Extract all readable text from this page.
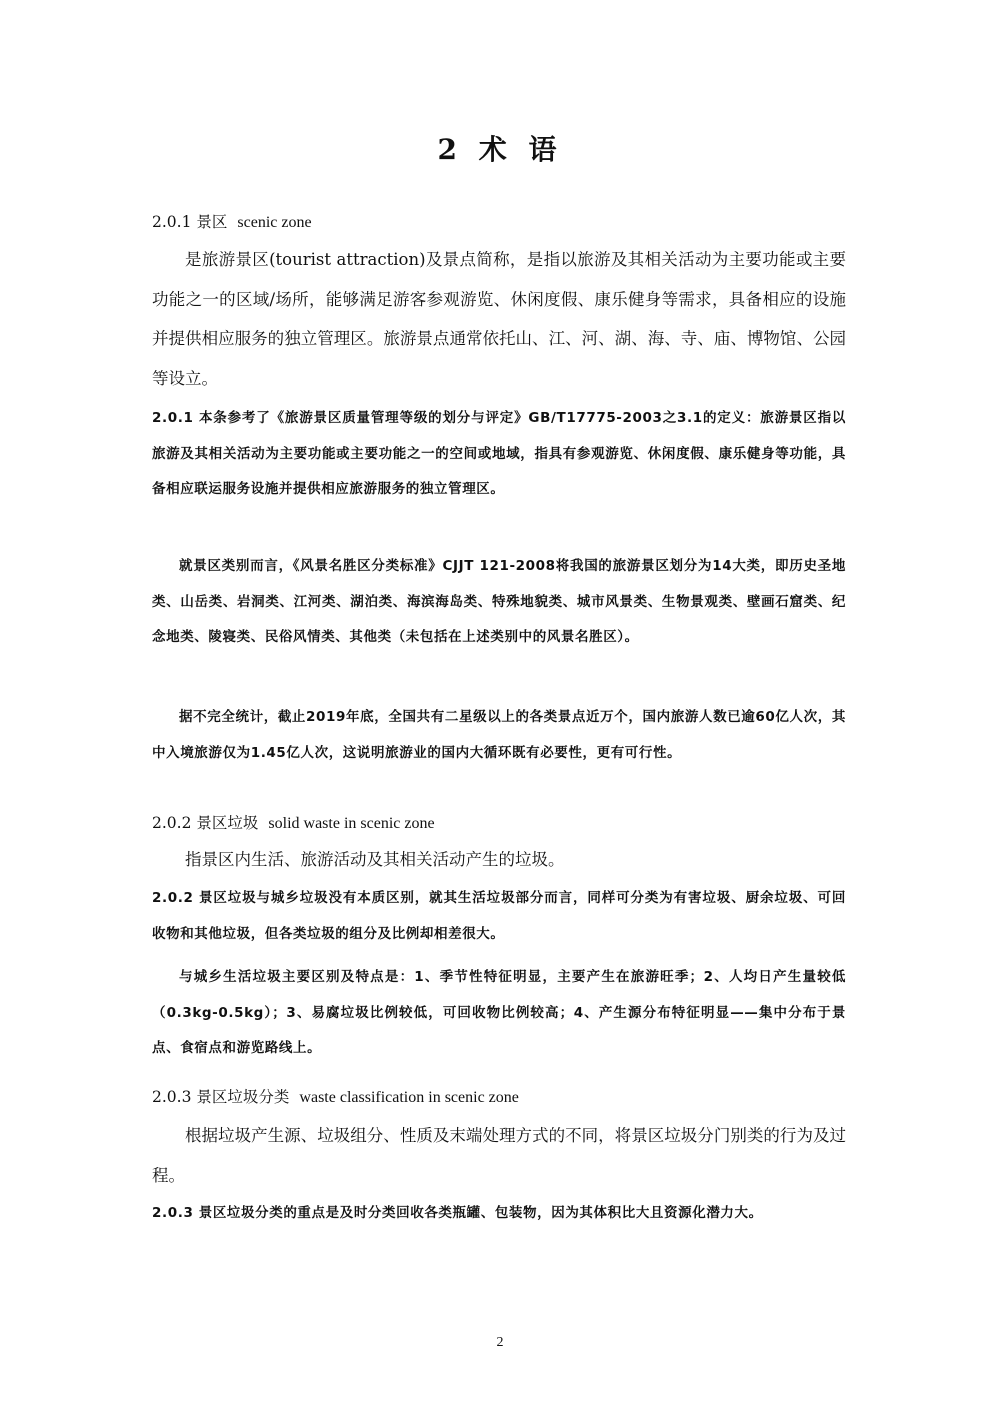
2 术 语

2.0.1 景区 scenic zone

是旅游景区(tourist attraction)及景点简称，是指以旅游及其相关活动为主要功能或主要功能之一的区域/场所，能够满足游客参观游览、休闲度假、康乐健身等需求，具备相应的设施并提供相应服务的独立管理区。旅游景点通常依托山、江、河、湖、海、寺、庙、博物馆、公园等设立。

2.0.1 本条参考了《旅游景区质量管理等级的划分与评定》GB/T17775-2003之3.1的定义：旅游景区指以旅游及其相关活动为主要功能或主要功能之一的空间或地域，指具有参观游览、休闲度假、康乐健身等功能，具备相应联运服务设施并提供相应旅游服务的独立管理区。

就景区类别而言，《风景名胜区分类标准》CJJT 121-2008将我国的旅游景区划分为14大类，即历史圣地类、山岳类、岩洞类、江河类、湖泊类、海滨海岛类、特殊地貌类、城市风景类、生物景观类、壁画石窟类、纪念地类、陵寝类、民俗风情类、其他类（未包括在上述类别中的风景名胜区）。

据不完全统计，截止2019年底，全国共有二星级以上的各类景点近万个，国内旅游人数已逾60亿人次，其中入境旅游仅为1.45亿人次，这说明旅游业的国内大循环既有必要性，更有可行性。

2.0.2 景区垃圾 solid waste in scenic zone

指景区内生活、旅游活动及其相关活动产生的垃圾。

2.0.2 景区垃圾与城乡垃圾没有本质区别，就其生活垃圾部分而言，同样可分类为有害垃圾、厨余垃圾、可回收物和其他垃圾，但各类垃圾的组分及比例却相差很大。

与城乡生活垃圾主要区别及特点是：1、季节性特征明显，主要产生在旅游旺季；2、人均日产生量较低（0.3kg-0.5kg）；3、易腐垃圾比例较低，可回收物比例较高；4、产生源分布特征明显——集中分布于景点、食宿点和游览路线上。

2.0.3 景区垃圾分类 waste classification in scenic zone

根据垃圾产生源、垃圾组分、性质及末端处理方式的不同，将景区垃圾分门别类的行为及过程。

2.0.3 景区垃圾分类的重点是及时分类回收各类瓶罐、包装物，因为其体积比大且资源化潜力大。

2
